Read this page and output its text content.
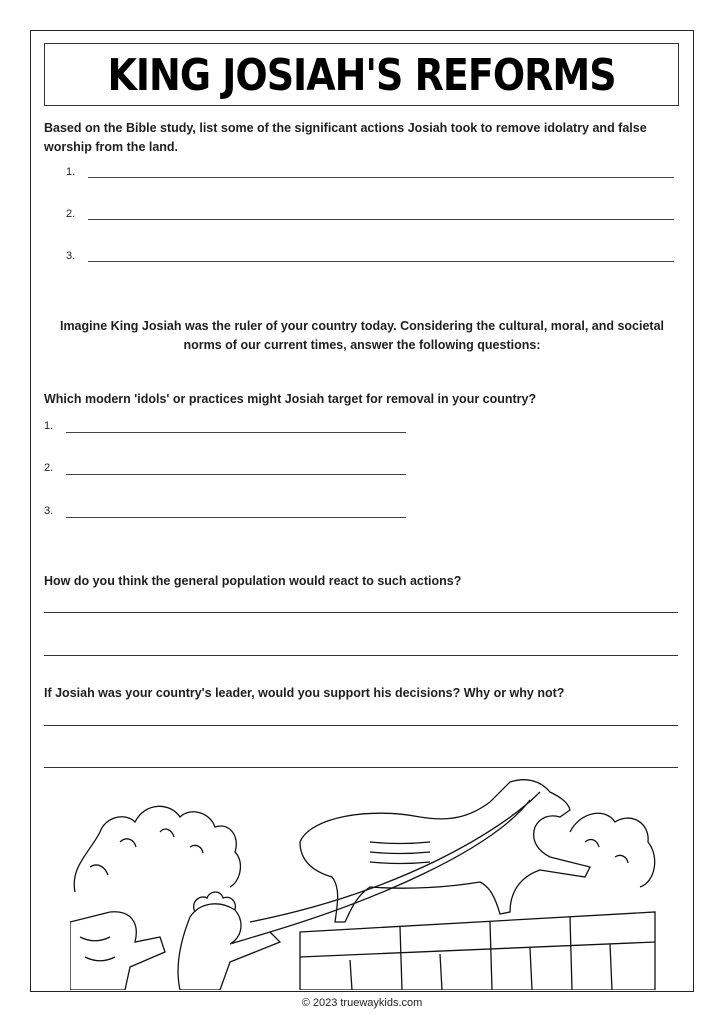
KING JOSIAH'S REFORMS
Based on the Bible study, list some of the significant actions Josiah took to remove idolatry and false worship from the land.
1.
2.
3.
Imagine King Josiah was the ruler of your country today. Considering the cultural, moral, and societal norms of our current times, answer the following questions:
Which modern 'idols' or practices might Josiah target for removal in your country?
1.
2.
3.
How do you think the general population would react to such actions?
If Josiah was your country's leader, would you support his decisions? Why or why not?
© 2023 truewaykids.com
